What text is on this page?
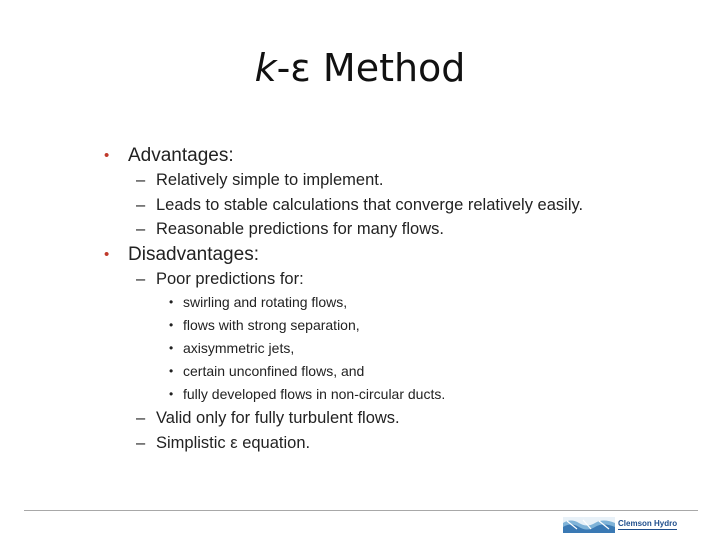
k-ε Method
• Advantages:
– Relatively simple to implement.
– Leads to stable calculations that converge relatively easily.
– Reasonable predictions for many flows.
• Disadvantages:
– Poor predictions for:
• swirling and rotating flows,
• flows with strong separation,
• axisymmetric jets,
• certain unconfined flows, and
• fully developed flows in non-circular ducts.
– Valid only for fully turbulent flows.
– Simplistic ε equation.
Clemson Hydro
